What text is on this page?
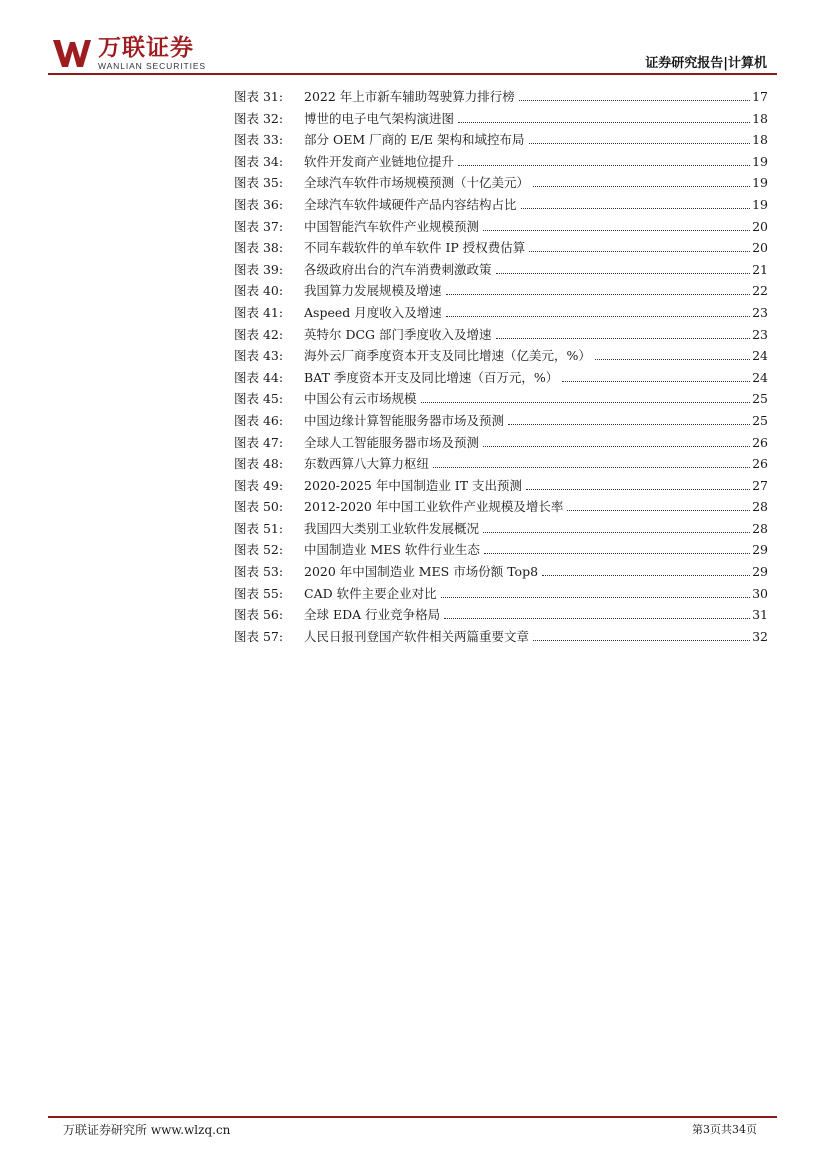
万联证券
WANLIAN SECURITIES	证券研究报告|计算机
图表 31:	2022 年上市新车辅助驾驶算力排行榜	17
图表 32:	博世的电子电气架构演进图	18
图表 33:	部分 OEM 厂商的 E/E 架构和域控布局	18
图表 34:	软件开发商产业链地位提升	19
图表 35:	全球汽车软件市场规模预测（十亿美元）	19
图表 36:	全球汽车软件域硬件产品内容结构占比	19
图表 37:	中国智能汽车软件产业规模预测	20
图表 38:	不同车载软件的单车软件 IP 授权费估算	20
图表 39:	各级政府出台的汽车消费刺激政策	21
图表 40:	我国算力发展规模及增速	22
图表 41:	Aspeed 月度收入及增速	23
图表 42:	英特尔 DCG 部门季度收入及增速	23
图表 43:	海外云厂商季度资本开支及同比增速（亿美元，%）	24
图表 44:	BAT 季度资本开支及同比增速（百万元，%）	24
图表 45:	中国公有云市场规模	25
图表 46:	中国边缘计算智能服务器市场及预测	25
图表 47:	全球人工智能服务器市场及预测	26
图表 48:	东数西算八大算力枢纽	26
图表 49:	2020-2025 年中国制造业 IT 支出预测	27
图表 50:	2012-2020 年中国工业软件产业规模及增长率	28
图表 51:	我国四大类别工业软件发展概况	28
图表 52:	中国制造业 MES 软件行业生态	29
图表 53:	2020 年中国制造业 MES 市场份额 Top8	29
图表 55:	CAD 软件主要企业对比	30
图表 56:	全球 EDA 行业竞争格局	31
图表 57:	人民日报刊登国产软件相关两篇重要文章	32
万联证券研究所 www.wlzq.cn	第3页共34页
